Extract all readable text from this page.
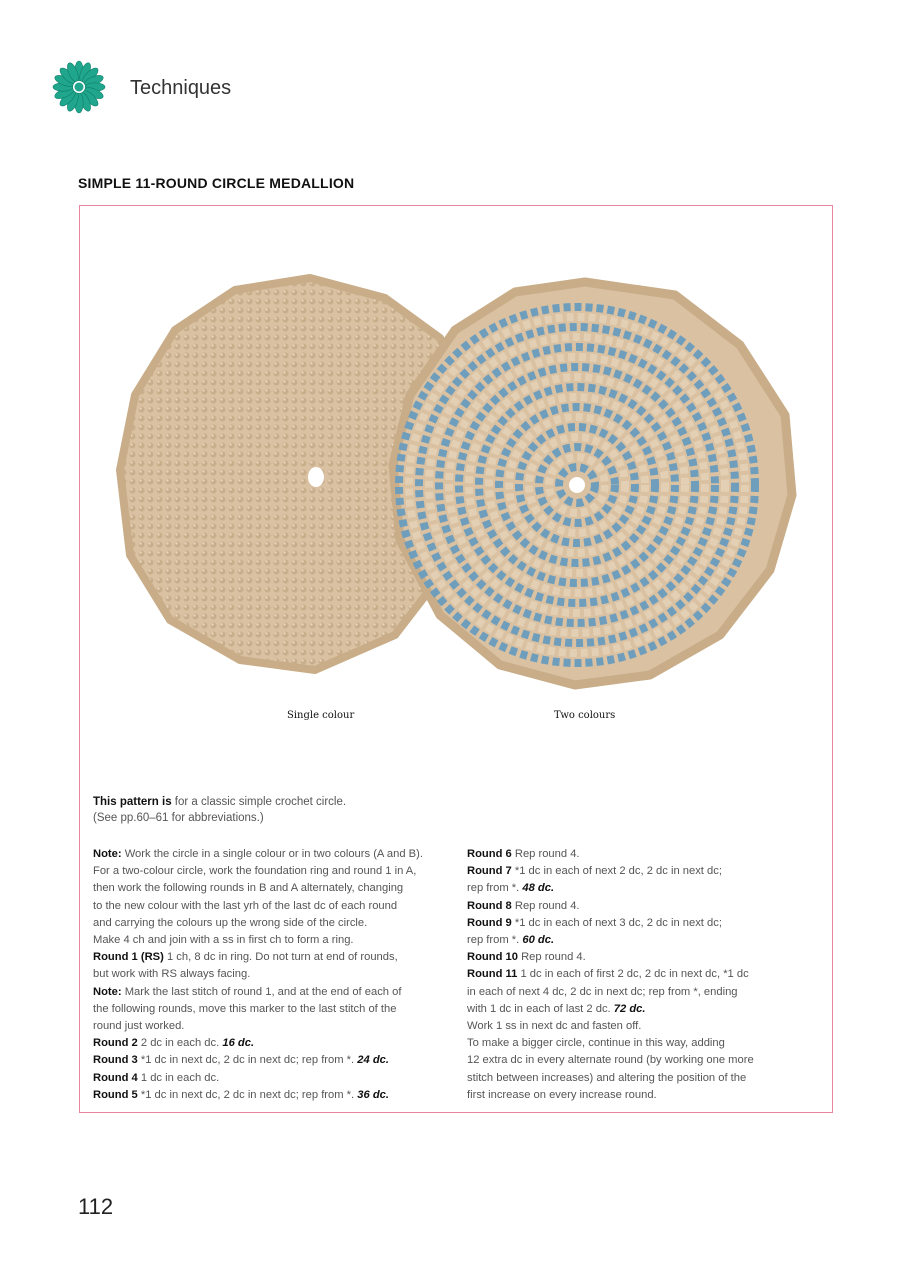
Techniques
SIMPLE 11-ROUND CIRCLE MEDALLION
Single colour	Two colours
This pattern is for a classic simple crochet circle.
(See pp.60–61 for abbreviations.)
Note: Work the circle in a single colour or in two colours (A and B).
For a two-colour circle, work the foundation ring and round 1 in A,
then work the following rounds in B and A alternately, changing
to the new colour with the last yrh of the last dc of each round
and carrying the colours up the wrong side of the circle.
Make 4 ch and join with a ss in first ch to form a ring.
Round 1 (RS) 1 ch, 8 dc in ring. Do not turn at end of rounds,
but work with RS always facing.
Note: Mark the last stitch of round 1, and at the end of each of
the following rounds, move this marker to the last stitch of the
round just worked.
Round 2 2 dc in each dc. 16 dc.
Round 3 *1 dc in next dc, 2 dc in next dc; rep from *. 24 dc.
Round 4 1 dc in each dc.
Round 5 *1 dc in next dc, 2 dc in next dc; rep from *. 36 dc.
Round 6 Rep round 4.
Round 7 *1 dc in each of next 2 dc, 2 dc in next dc;
rep from *. 48 dc.
Round 8 Rep round 4.
Round 9 *1 dc in each of next 3 dc, 2 dc in next dc;
rep from *. 60 dc.
Round 10 Rep round 4.
Round 11 1 dc in each of first 2 dc, 2 dc in next dc, *1 dc
in each of next 4 dc, 2 dc in next dc; rep from *, ending
with 1 dc in each of last 2 dc. 72 dc.
Work 1 ss in next dc and fasten off.
To make a bigger circle, continue in this way, adding
12 extra dc in every alternate round (by working one more
stitch between increases) and altering the position of the
first increase on every increase round.
112
